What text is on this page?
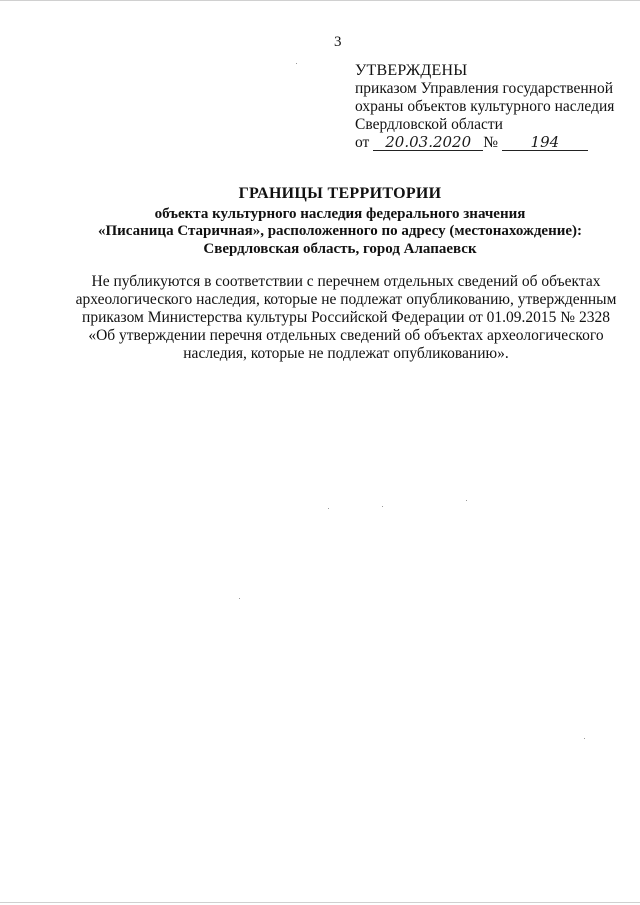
3
УТВЕРЖДЕНЫ
приказом Управления государственной
охраны объектов культурного наследия
Свердловской области
от 20.03.2020 № 194
ГРАНИЦЫ ТЕРРИТОРИИ
объекта культурного наследия федерального значения
«Писаница Старичная», расположенного по адресу (местонахождение):
Свердловская область, город Алапаевск
Не публикуются в соответствии с перечнем отдельных сведений об объектах
археологического наследия, которые не подлежат опубликованию, утвержденным
приказом Министерства культуры Российской Федерации от 01.09.2015 № 2328
«Об утверждении перечня отдельных сведений об объектах археологического
наследия, которые не подлежат опубликованию».
